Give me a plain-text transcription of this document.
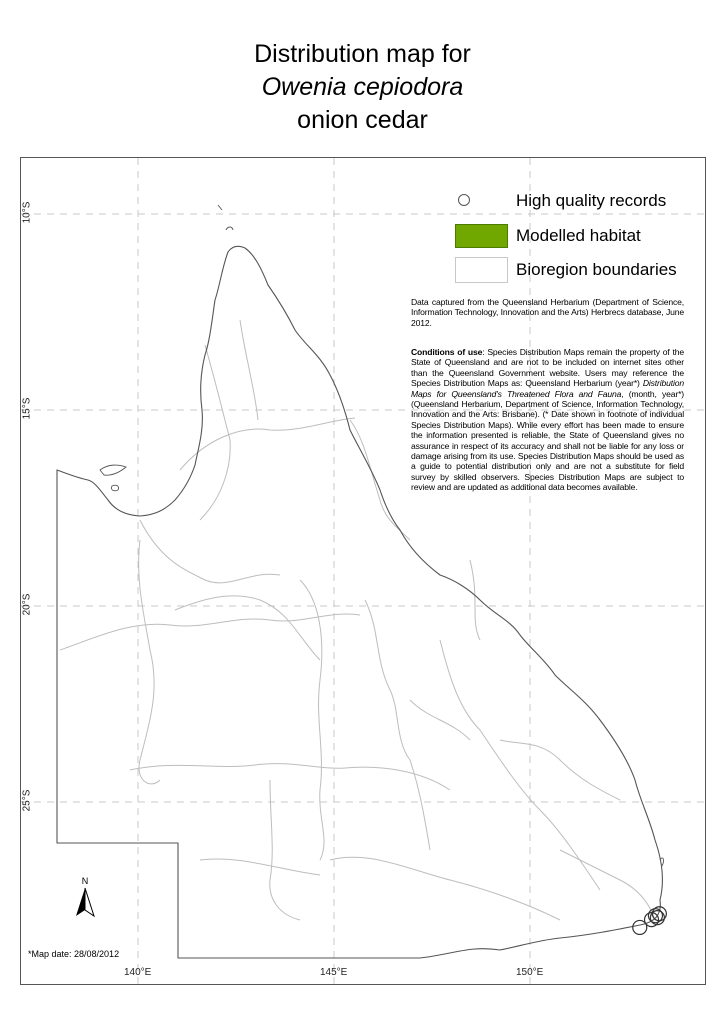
Distribution map for
Owenia cepiodora
onion cedar
High quality records
Modelled habitat
Bioregion boundaries
Data captured from the Queensland Herbarium (Department of Science, Information Technology, Innovation and the Arts) Herbrecs database, June 2012.
Conditions of use: Species Distribution Maps remain the property of the State of Queensland and are not to be included on internet sites other than the Queensland Government website. Users may reference the Species Distribution Maps as: Queensland Herbarium (year*) Distribution Maps for Queensland's Threatened Flora and Fauna, (month, year*) (Queensland Herbarium, Department of Science, Information Technology, Innovation and the Arts: Brisbane). (* Date shown in footnote of individual Species Distribution Maps). While every effort has been made to ensure the information presented is reliable, the State of Queensland gives no assurance in respect of its accuracy and shall not be liable for any loss or damage arising from its use. Species Distribution Maps should be used as a guide to potential distribution only and are not a substitute for field survey by skilled observers. Species Distribution Maps are subject to review and are updated as additional data becomes available.
N
*Map date: 28/08/2012
140°E	145°E	150°E
10°S
15°S
20°S
25°S
